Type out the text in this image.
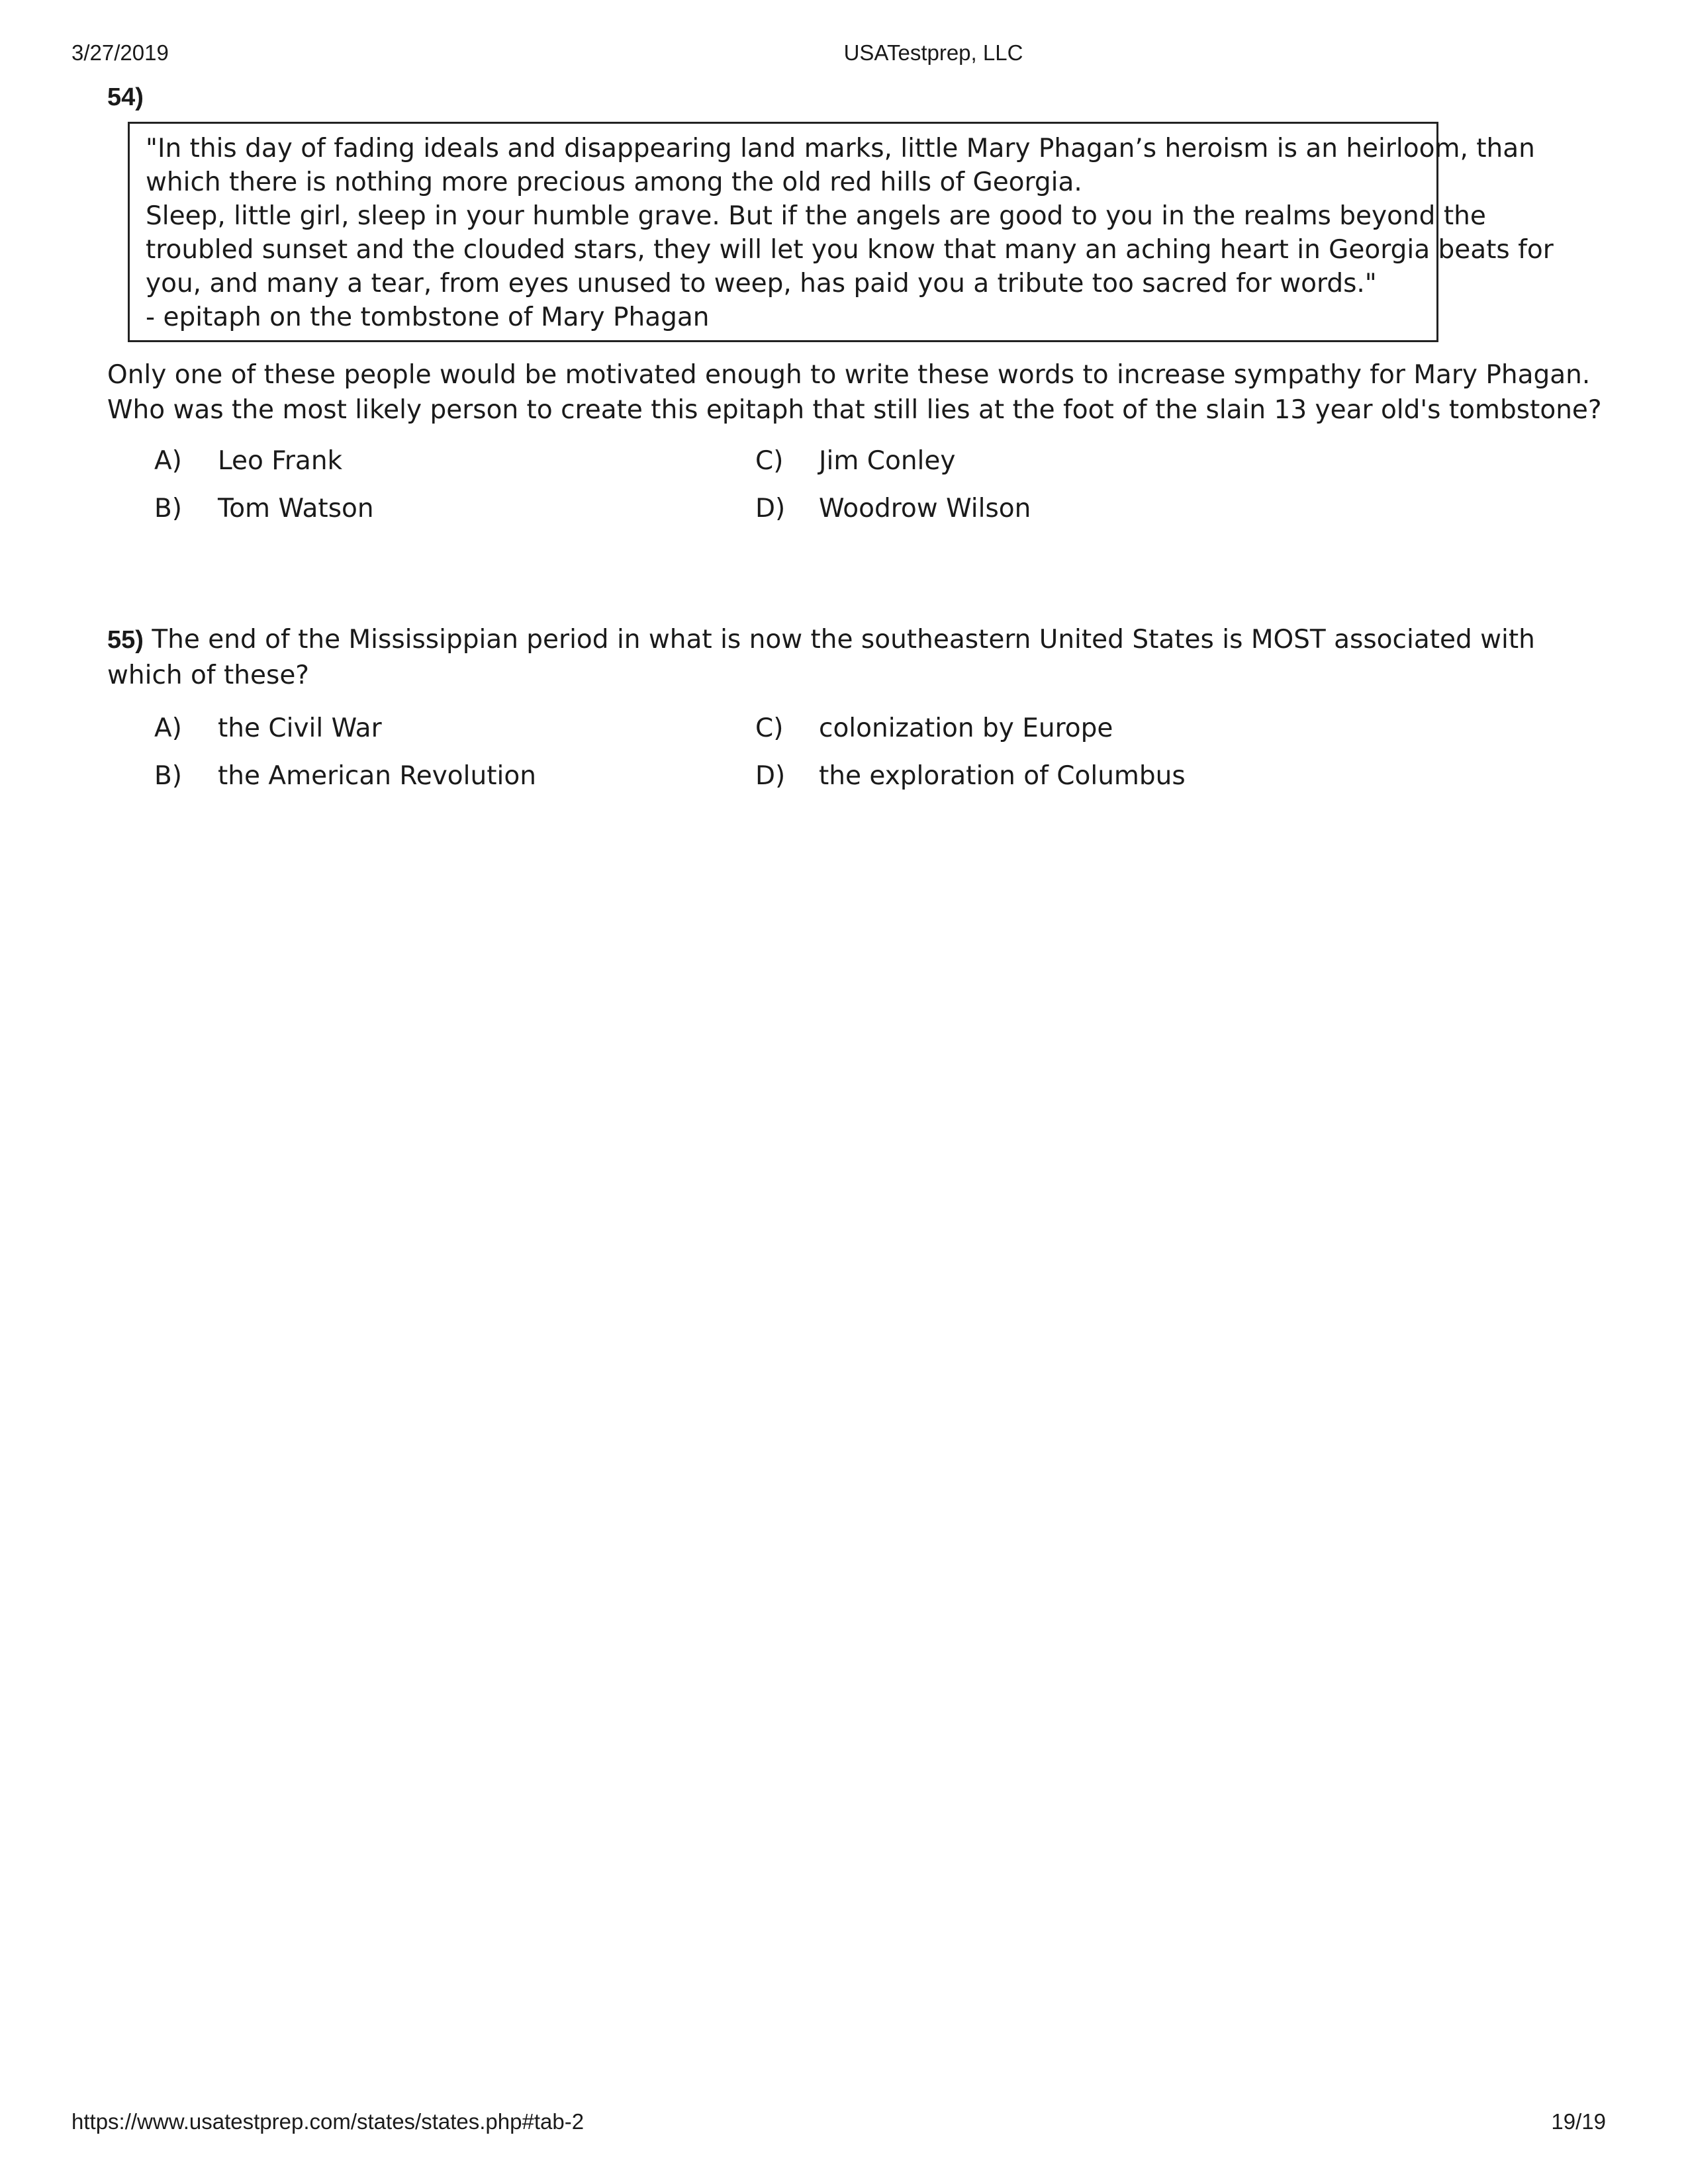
3/27/2019	USATestprep, LLC
54)
"In this day of fading ideals and disappearing land marks, little Mary Phagan’s heroism is an heirloom, than
which there is nothing more precious among the old red hills of Georgia.
Sleep, little girl, sleep in your humble grave. But if the angels are good to you in the realms beyond the
troubled sunset and the clouded stars, they will let you know that many an aching heart in Georgia beats for
you, and many a tear, from eyes unused to weep, has paid you a tribute too sacred for words."
- epitaph on the tombstone of Mary Phagan
Only one of these people would be motivated enough to write these words to increase sympathy for Mary Phagan.
Who was the most likely person to create this epitaph that still lies at the foot of the slain 13 year old's tombstone?
A) Leo Frank
B) Tom Watson
C) Jim Conley
D) Woodrow Wilson
55) The end of the Mississippian period in what is now the southeastern United States is MOST associated with
which of these?
A) the Civil War
B) the American Revolution
C) colonization by Europe
D) the exploration of Columbus
https://www.usatestprep.com/states/states.php#tab-2	19/19
